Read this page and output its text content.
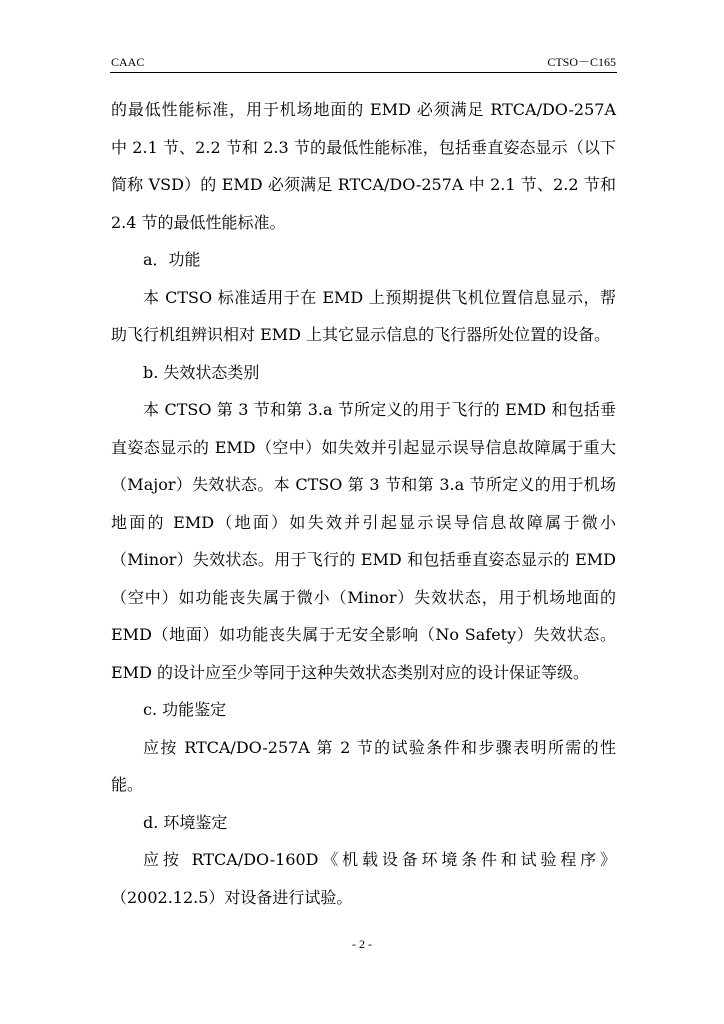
CAAC	CTSO－C165

的最低性能标准，用于机场地面的 EMD 必须满足 RTCA/DO-257A 中 2.1 节、2.2 节和 2.3 节的最低性能标准，包括垂直姿态显示（以下简称 VSD）的 EMD 必须满足 RTCA/DO-257A 中 2.1 节、2.2 节和 2.4 节的最低性能标准。

a．功能

本 CTSO 标准适用于在 EMD 上预期提供飞机位置信息显示，帮助飞行机组辨识相对 EMD 上其它显示信息的飞行器所处位置的设备。

b. 失效状态类别

本 CTSO 第 3 节和第 3.a 节所定义的用于飞行的 EMD 和包括垂直姿态显示的 EMD（空中）如失效并引起显示误导信息故障属于重大（Major）失效状态。本 CTSO 第 3 节和第 3.a 节所定义的用于机场地面的 EMD（地面）如失效并引起显示误导信息故障属于微小（Minor）失效状态。用于飞行的 EMD 和包括垂直姿态显示的 EMD（空中）如功能丧失属于微小（Minor）失效状态，用于机场地面的 EMD（地面）如功能丧失属于无安全影响（No Safety）失效状态。EMD 的设计应至少等同于这种失效状态类别对应的设计保证等级。

c. 功能鉴定

应按 RTCA/DO-257A 第 2 节的试验条件和步骤表明所需的性能。

d. 环境鉴定

应按 RTCA/DO-160D《机载设备环境条件和试验程序》（2002.12.5）对设备进行试验。

- 2 -
